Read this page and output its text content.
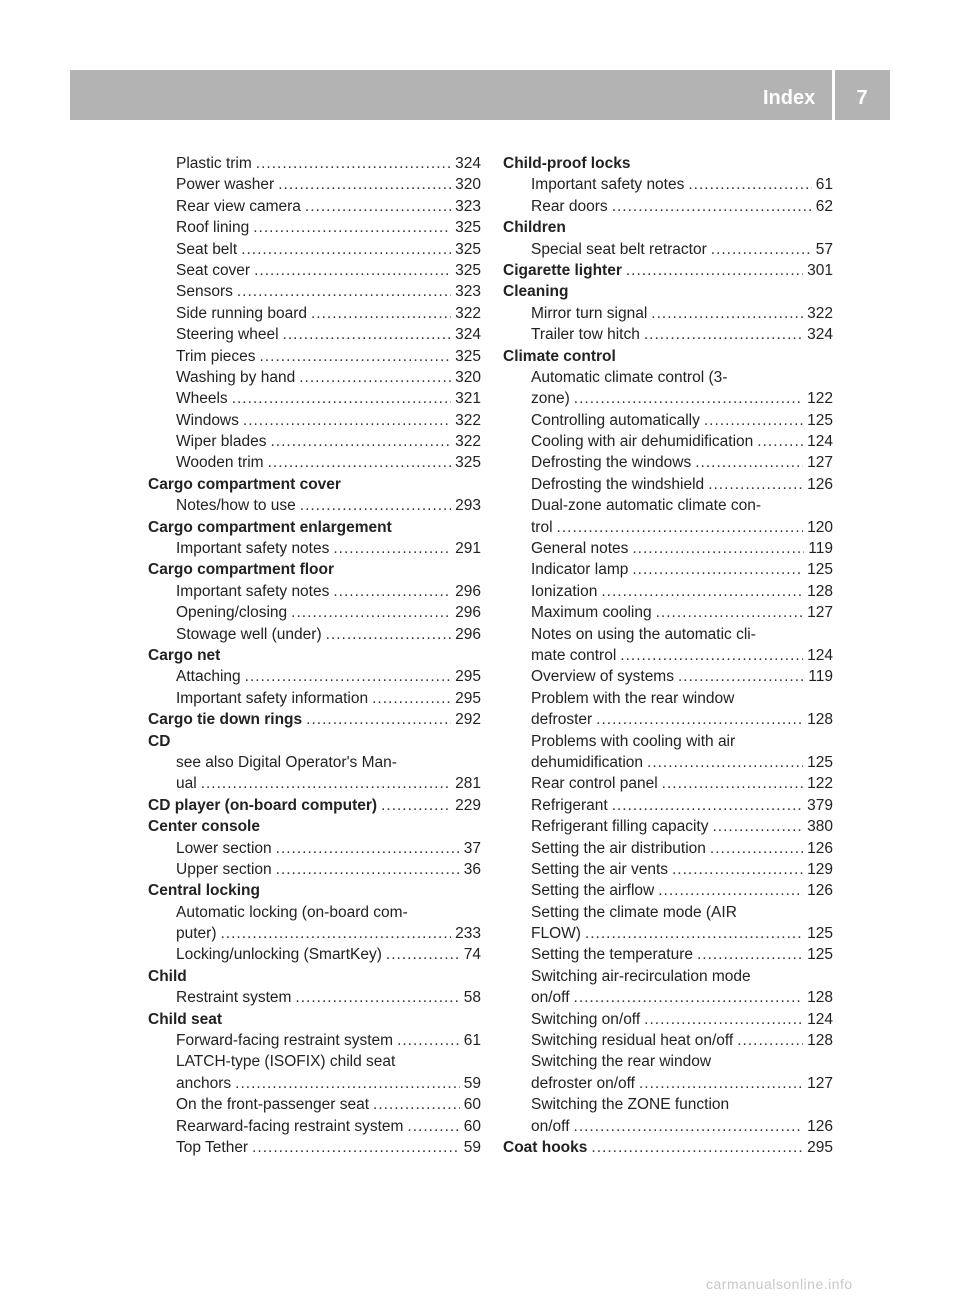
Index	7
Plastic trim .....	324
Power washer .....	320
Rear view camera .....	323
Roof lining .....	325
Seat belt .....	325
Seat cover .....	325
Sensors .....	323
Side running board .....	322
Steering wheel .....	324
Trim pieces .....	325
Washing by hand .....	320
Wheels .....	321
Windows .....	322
Wiper blades .....	322
Wooden trim .....	325
Cargo compartment cover
Notes/how to use .....	293
Cargo compartment enlargement
Important safety notes .....	291
Cargo compartment floor
Important safety notes .....	296
Opening/closing .....	296
Stowage well (under) .....	296
Cargo net
Attaching .....	295
Important safety information .....	295
Cargo tie down rings .....	292
CD
see also Digital Operator's Man-
ual .....	281
CD player (on-board computer) .....	229
Center console
Lower section .....	37
Upper section .....	36
Central locking
Automatic locking (on-board com-
puter) .....	233
Locking/unlocking (SmartKey) .....	74
Child
Restraint system .....	58
Child seat
Forward-facing restraint system .....	61
LATCH-type (ISOFIX) child seat
anchors .....	59
On the front-passenger seat .....	60
Rearward-facing restraint system .....	60
Top Tether .....	59
Child-proof locks
Important safety notes .....	61
Rear doors .....	62
Children
Special seat belt retractor .....	57
Cigarette lighter .....	301
Cleaning
Mirror turn signal .....	322
Trailer tow hitch .....	324
Climate control
Automatic climate control (3-
zone) .....	122
Controlling automatically .....	125
Cooling with air dehumidification .....	124
Defrosting the windows .....	127
Defrosting the windshield .....	126
Dual-zone automatic climate con-
trol .....	120
General notes .....	119
Indicator lamp .....	125
Ionization .....	128
Maximum cooling .....	127
Notes on using the automatic cli-
mate control .....	124
Overview of systems .....	119
Problem with the rear window
defroster .....	128
Problems with cooling with air
dehumidification .....	125
Rear control panel .....	122
Refrigerant .....	379
Refrigerant filling capacity .....	380
Setting the air distribution .....	126
Setting the air vents .....	129
Setting the airflow .....	126
Setting the climate mode (AIR
FLOW) .....	125
Setting the temperature .....	125
Switching air-recirculation mode
on/off .....	128
Switching on/off .....	124
Switching residual heat on/off .....	128
Switching the rear window
defroster on/off .....	127
Switching the ZONE function
on/off .....	126
Coat hooks .....	295
carmanualsonline.info
